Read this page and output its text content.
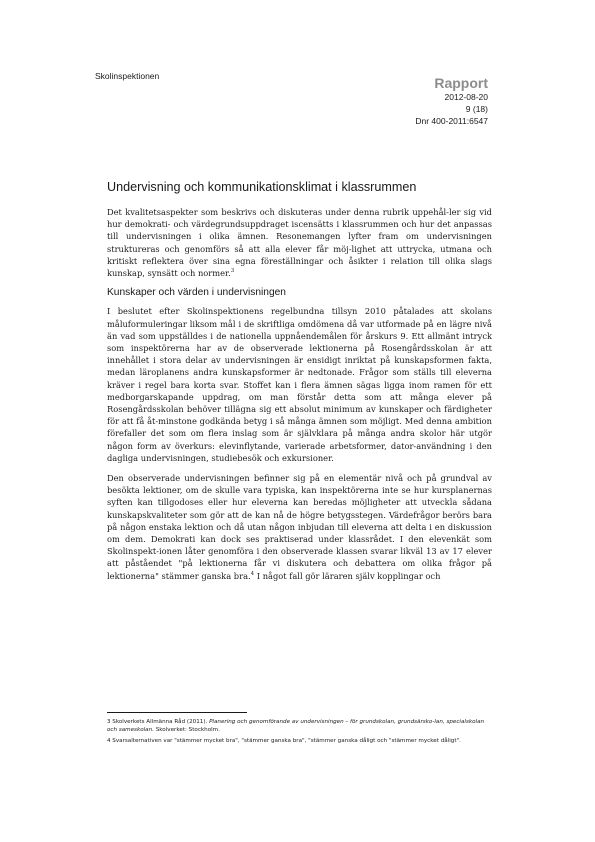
Skolinspektionen	Rapport
2012-08-20
9 (18)
Dnr 400-2011:6547
Undervisning och kommunikationsklimat i klassrummen

Det kvalitetsaspekter som beskrivs och diskuteras under denna rubrik uppehål-ler sig vid hur demokrati- och värdegrundsuppdraget iscensätts i klassrummen och hur det anpassas till undervisningen i olika ämnen. Resonemangen lyfter fram om undervisningen struktureras och genomförs så att alla elever får möj-lighet att uttrycka, utmana och kritiskt reflektera över sina egna föreställningar och åsikter i relation till olika slags kunskap, synsätt och normer.$^3$

Kunskaper och värden i undervisningen

I beslutet efter Skolinspektionens regelbundna tillsyn 2010 påtalades att skolans måluformuleringar liksom mål i de skriftliga omdömena då var utformade på en lägre nivå än vad som uppställdes i de nationella uppnåendemålen för årskurs 9. Ett allmänt intryck som inspektörerna har av de observerade lektionerna på Rosengårdsskolan är att innehållet i stora delar av undervisningen är ensidigt inriktat på kunskapsformen fakta, medan läroplanens andra kunskapsformer är nedtonade. Frågor som ställs till eleverna kräver i regel bara korta svar. Stoffet kan i flera ämnen sägas ligga inom ramen för ett medborgarskapande uppdrag, om man förstår detta som att många elever på Rosengårdsskolan behöver tillägna sig ett absolut minimum av kunskaper och färdigheter för att få åt-minstone godkända betyg i så många ämnen som möjligt. Med denna ambition förefaller det som om flera inslag som är självklara på många andra skolor här utgör någon form av överkurs: elevinflytande, varierade arbetsformer, dator-användning i den dagliga undervisningen, studiebesök och exkursioner.

Den observerade undervisningen befinner sig på en elementär nivå och på grundval av besökta lektioner, om de skulle vara typiska, kan inspektörerna inte se hur kursplanernas syften kan tillgodoses eller hur eleverna kan beredas möjligheter att utveckla sådana kunskapskvaliteter som gör att de kan nå de högre betygsstegen. Värdefrågor berörs bara på någon enstaka lektion och då utan någon inbjudan till eleverna att delta i en diskussion om dem. Demokrati kan dock ses praktiserad under klassrådet. I den elevenkät som Skolinspekt-ionen låter genomföra i den observerade klassen svarar likväl 13 av 17 elever att påståendet "på lektionerna får vi diskutera och debattera om olika frågor på lektionerna" stämmer ganska bra.$^4$ I något fall gör läraren själv kopplingar och

$^3$ Skolverkets Allmänna Råd (2011). Planering och genomförande av undervisningen – för grundskolan, grundsärsko-lan, specialskolan och sameskolan. Skolverket: Stockholm.
$^4$ Svarsalternativen var "stämmer mycket bra", "stämmer ganska bra", "stämmer ganska dåligt och "stämmer mycket dåligt".
